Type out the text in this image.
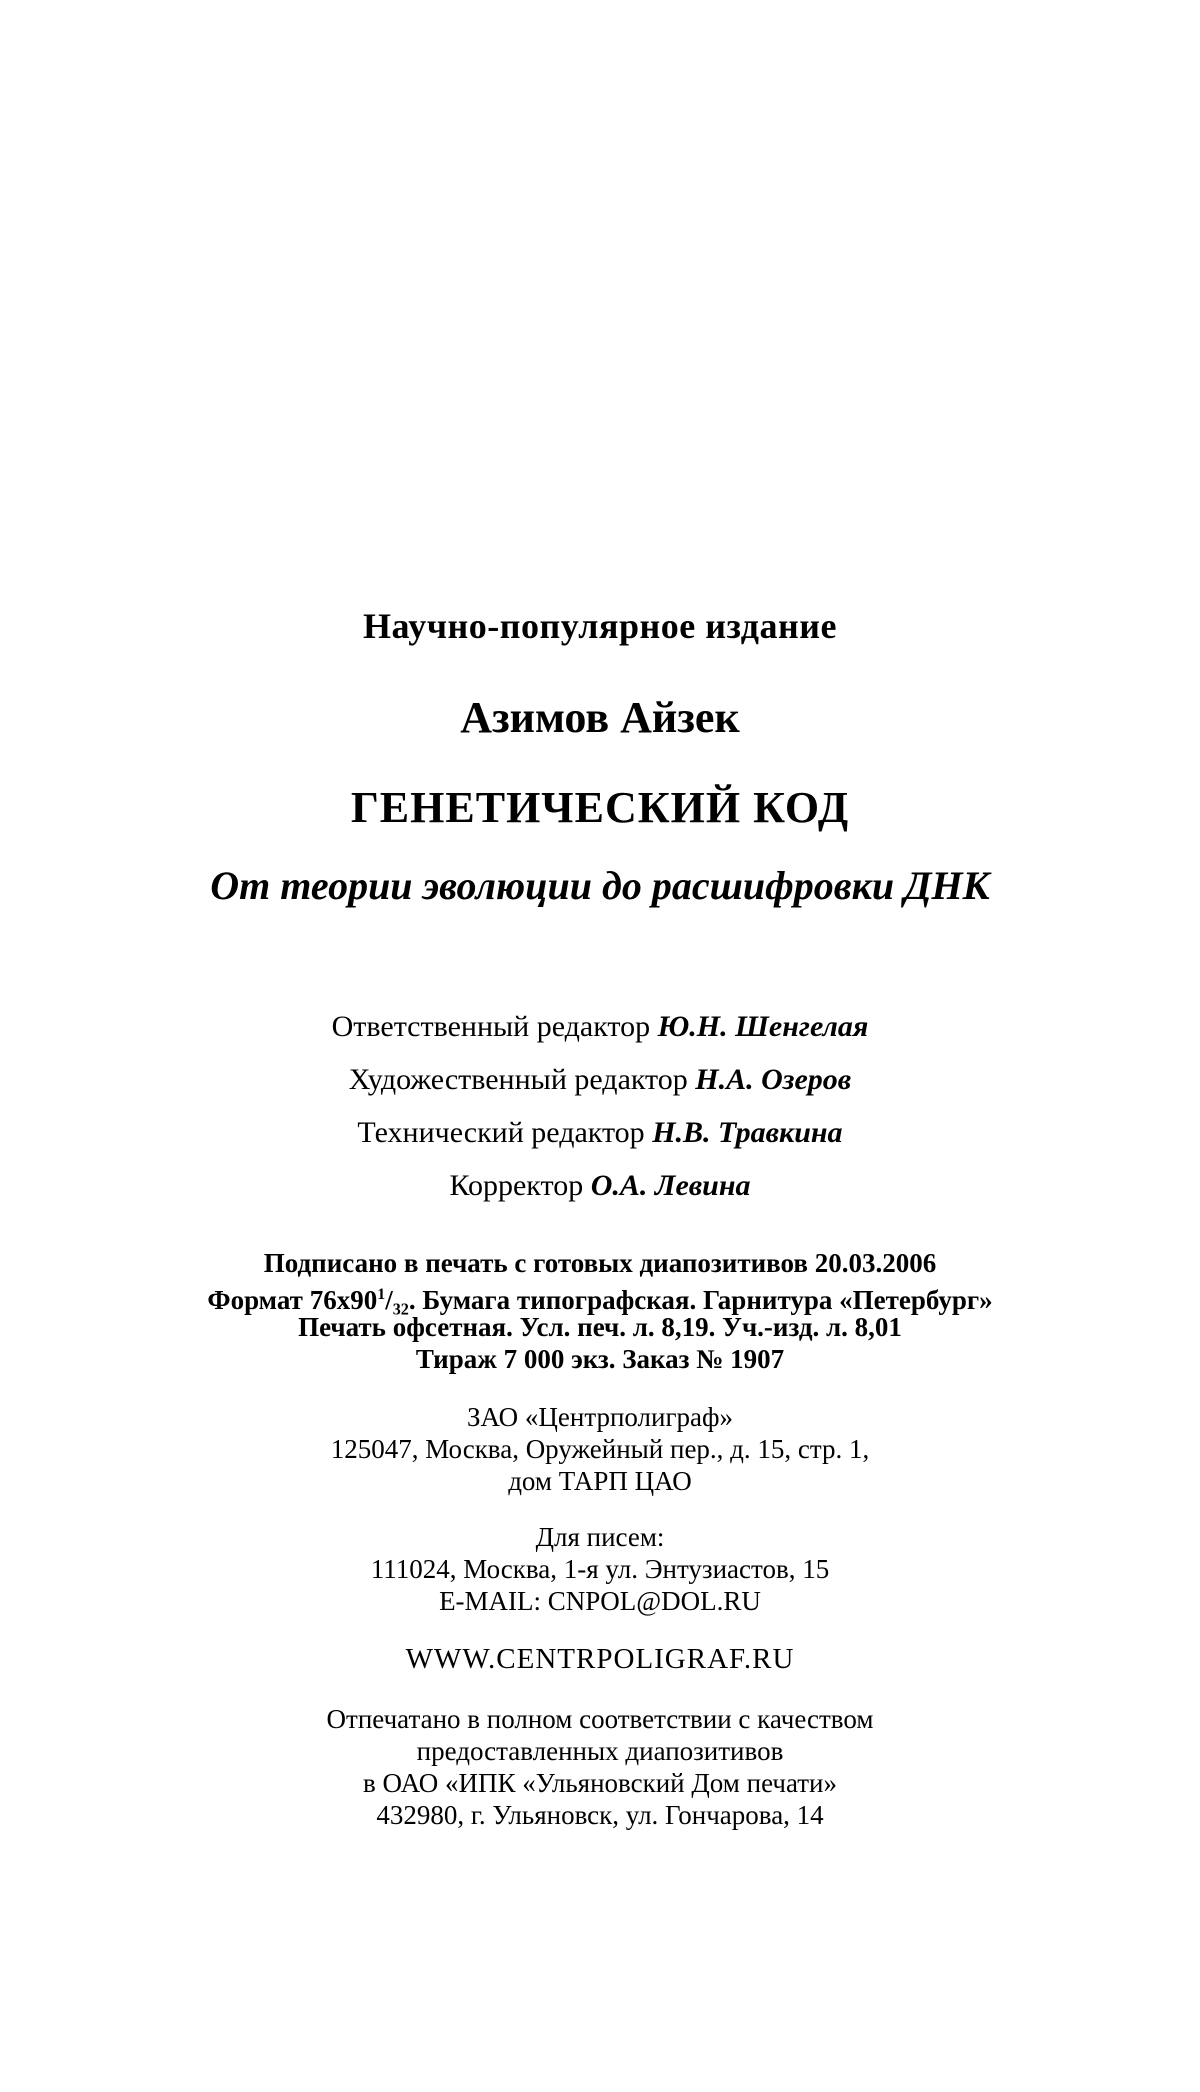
Научно-популярное издание
Азимов Айзек
ГЕНЕТИЧЕСКИЙ КОД
От теории эволюции до расшифровки ДНК
Ответственный редактор Ю.Н. Шенгелая
Художественный редактор Н.А. Озеров
Технический редактор Н.В. Травкина
Корректор О.А. Левина
Подписано в печать с готовых диапозитивов 20.03.2006
Формат $76x90^1/_{32}$. Бумага типографская. Гарнитура «Петербург»
Печать офсетная. Усл. печ. л. 8,19. Уч.-изд. л. 8,01
Тираж 7 000 экз. Заказ № 1907
ЗАО «Центрполиграф»
125047, Москва, Оружейный пер., д. 15, стр. 1,
дом ТАРП ЦАО
Для писем:
111024, Москва, 1-я ул. Энтузиастов, 15
E-MAIL: CNPOL@DOL.RU
WWW.CENTRPOLIGRAF.RU
Отпечатано в полном соответствии с качеством
предоставленных диапозитивов
в ОАО «ИПК «Ульяновский Дом печати»
432980, г. Ульяновск, ул. Гончарова, 14
